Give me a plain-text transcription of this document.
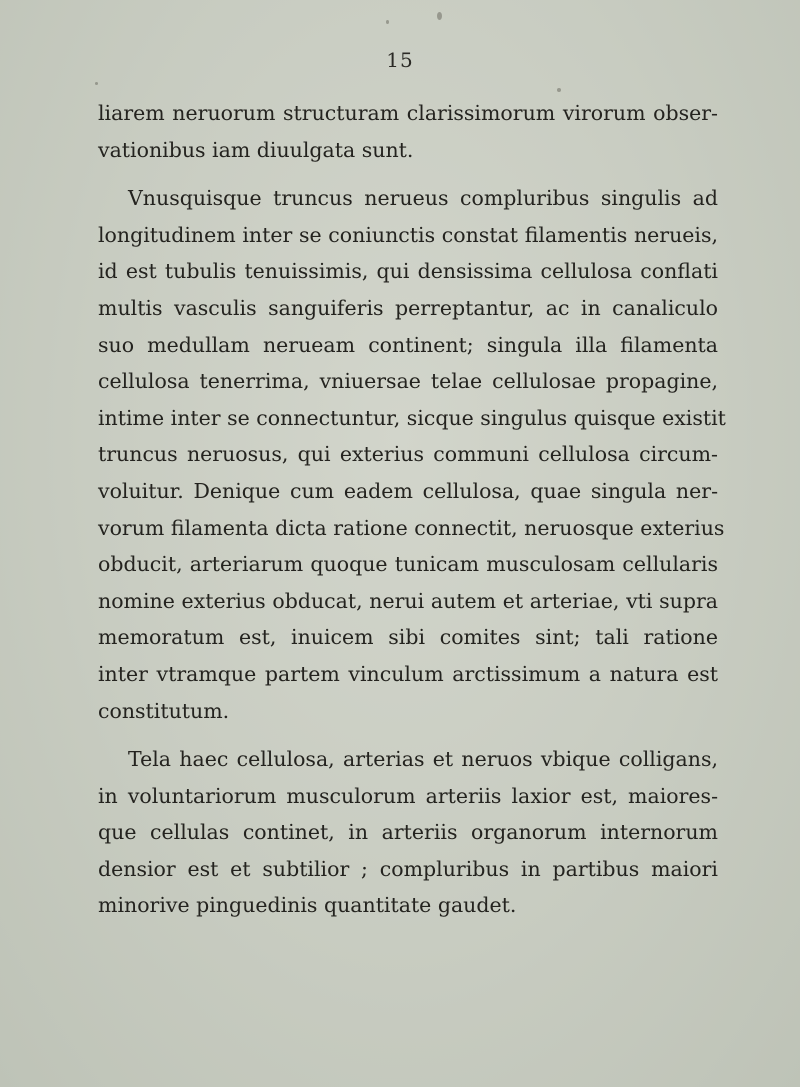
15
liarem neruorum structuram clarissimorum virorum obser-
vationibus iam diuulgata sunt.
Vnusquisque truncus nerueus compluribus singulis ad
longitudinem inter se coniunctis constat filamentis nerueis,
id est tubulis tenuissimis, qui densissima cellulosa conflati
multis vasculis sanguiferis perreptantur, ac in canaliculo
suo medullam nerueam continent; singula illa filamenta
cellulosa tenerrima, vniuersae telae cellulosae propagine,
intime inter se connectuntur, sicque singulus quisque existit
truncus neruosus, qui exterius communi cellulosa circum-
voluitur. Denique cum eadem cellulosa, quae singula ner-
vorum filamenta dicta ratione connectit, neruosque exterius
obducit, arteriarum quoque tunicam musculosam cellularis
nomine exterius obducat, nerui autem et arteriae, vti supra
memoratum est, inuicem sibi comites sint; tali ratione
inter vtramque partem vinculum arctissimum a natura est
constitutum.
Tela haec cellulosa, arterias et neruos vbique colligans,
in voluntariorum musculorum arteriis laxior est, maiores-
que cellulas continet, in arteriis organorum internorum
densior est et subtilior ; compluribus in partibus maiori
minorive pinguedinis quantitate gaudet.
